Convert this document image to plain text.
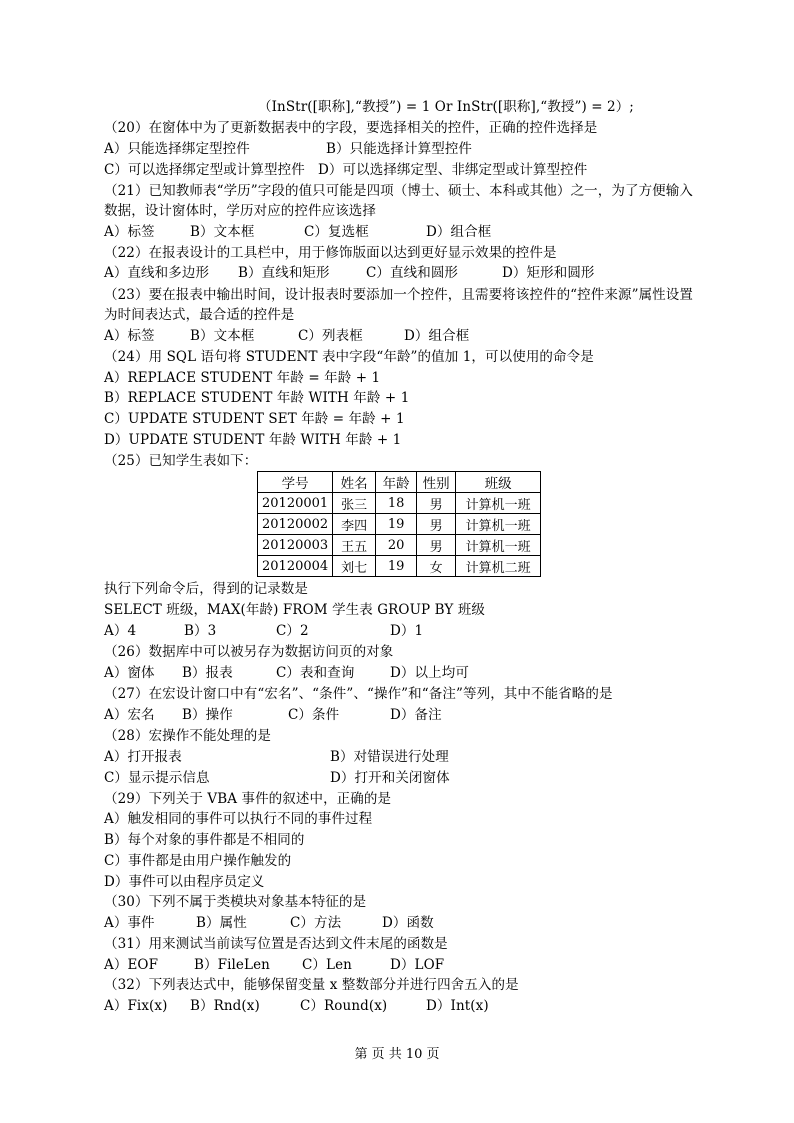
（InStr([职称],“教授”) = 1 Or InStr([职称],“教授”) = 2）;
（20）在窗体中为了更新数据表中的字段，要选择相关的控件，正确的控件选择是
A）只能选择绑定型控件	B）只能选择计算型控件
C）可以选择绑定型或计算型控件 D）可以选择绑定型、非绑定型或计算型控件
（21）已知教师表“学历”字段的值只可能是四项（博士、硕士、本科或其他）之一，为了方便输入
数据，设计窗体时，学历对应的控件应该选择
A）标签	B）文本框	C）复选框	D）组合框
（22）在报表设计的工具栏中，用于修饰版面以达到更好显示效果的控件是
A）直线和多边形 B）直线和矩形	C）直线和圆形	D）矩形和圆形
（23）要在报表中输出时间，设计报表时要添加一个控件，且需要将该控件的“控件来源”属性设置
为时间表达式，最合适的控件是
A）标签	B）文本框	C）列表框	D）组合框
（24）用 SQL 语句将 STUDENT 表中字段“年龄”的值加 1，可以使用的命令是
A）REPLACE STUDENT 年龄 = 年龄 + 1
B）REPLACE STUDENT 年龄 WITH 年龄 + 1
C）UPDATE STUDENT SET 年龄 = 年龄 + 1
D）UPDATE STUDENT 年龄 WITH 年龄 + 1
（25）已知学生表如下：
学号	姓名	年龄	性别	班级
20120001	张三	18	男	计算机一班
20120002	李四	19	男	计算机一班
20120003	王五	20	男	计算机一班
20120004	刘七	19	女	计算机二班
执行下列命令后，得到的记录数是
SELECT 班级，MAX(年龄) FROM 学生表 GROUP BY 班级
A）4	B）3	C）2	D）1
（26）数据库中可以被另存为数据访问页的对象
A）窗体 B）报表	C）表和查询	D）以上均可
（27）在宏设计窗口中有“宏名”、“条件”、“操作”和“备注”等列，其中不能省略的是
A）宏名 B）操作	C）条件	D）备注
（28）宏操作不能处理的是
A）打开报表	B）对错误进行处理
C）显示提示信息	D）打开和关闭窗体
（29）下列关于 VBA 事件的叙述中，正确的是
A）触发相同的事件可以执行不同的事件过程
B）每个对象的事件都是不相同的
C）事件都是由用户操作触发的
D）事件可以由程序员定义
（30）下列不属于类模块对象基本特征的是
A）事件	B）属性	C）方法	D）函数
（31）用来测试当前读写位置是否达到文件末尾的函数是
A）EOF	B）FileLen C）Len	D）LOF
（32）下列表达式中，能够保留变量 x 整数部分并进行四舍五入的是
A）Fix(x) B）Rnd(x)	C）Round(x)	D）Int(x)
第 页 共 10 页
